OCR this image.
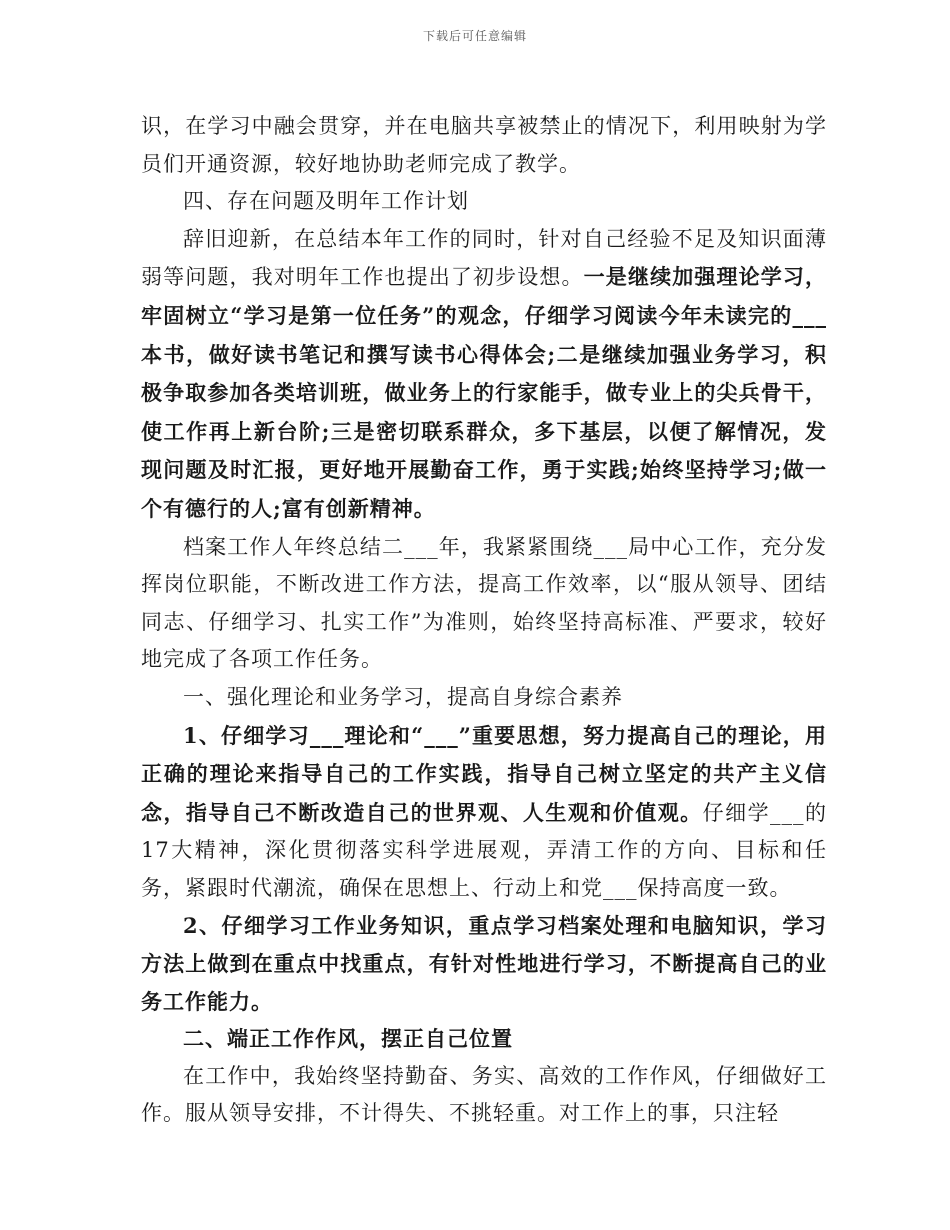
下载后可任意编辑

识，在学习中融会贯穿，并在电脑共享被禁止的情况下，利用映射为学员们开通资源，较好地协助老师完成了教学。

四、存在问题及明年工作计划

辞旧迎新，在总结本年工作的同时，针对自己经验不足及知识面薄弱等问题，我对明年工作也提出了初步设想。一是继续加强理论学习，牢固树立“学习是第一位任务”的观念，仔细学习阅读今年未读完的___本书，做好读书笔记和撰写读书心得体会;二是继续加强业务学习，积极争取参加各类培训班，做业务上的行家能手，做专业上的尖兵骨干，使工作再上新台阶;三是密切联系群众，多下基层，以便了解情况，发现问题及时汇报，更好地开展勤奋工作，勇于实践;始终坚持学习;做一个有德行的人;富有创新精神。

档案工作人年终总结二___年，我紧紧围绕___局中心工作，充分发挥岗位职能，不断改进工作方法，提高工作效率，以“服从领导、团结同志、仔细学习、扎实工作”为准则，始终坚持高标准、严要求，较好地完成了各项工作任务。

一、强化理论和业务学习，提高自身综合素养

1、仔细学习___理论和“___”重要思想，努力提高自己的理论，用正确的理论来指导自己的工作实践，指导自己树立坚定的共产主义信念，指导自己不断改造自己的世界观、人生观和价值观。仔细学___的17大精神，深化贯彻落实科学进展观，弄清工作的方向、目标和任务，紧跟时代潮流，确保在思想上、行动上和党___保持高度一致。

2、仔细学习工作业务知识，重点学习档案处理和电脑知识，学习方法上做到在重点中找重点，有针对性地进行学习，不断提高自己的业务工作能力。

二、端正工作作风，摆正自己位置

在工作中，我始终坚持勤奋、务实、高效的工作作风，仔细做好工作。服从领导安排，不计得失、不挑轻重。对工作上的事，只注轻
